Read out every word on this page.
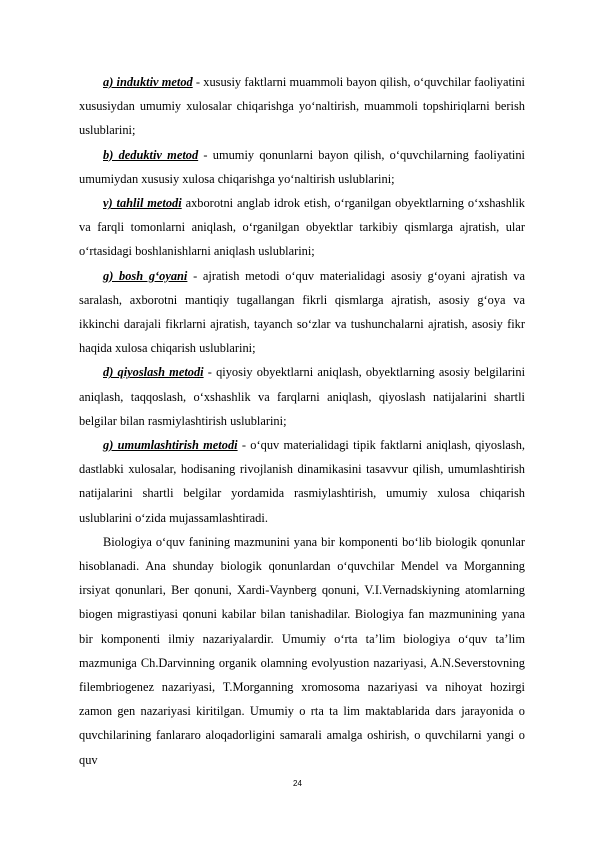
a) induktiv metod - xususiy faktlarni muammoli bayon qilish, o‘quvchilar faoliyatini xususiydan umumiy xulosalar chiqarishga yo‘naltirish, muammoli topshiriqlarni berish uslublarini;

b) deduktiv metod - umumiy qonunlarni bayon qilish, o‘quvchilarning faoliyatini umumiydan xususiy xulosa chiqarishga yo‘naltirish uslublarini;

v) tahlil metodi axborotni anglab idrok etish, o‘rganilgan obyektlarning o‘xshashlik va farqli tomonlarni aniqlash, o‘rganilgan obyektlar tarkibiy qismlarga ajratish, ular o‘rtasidagi boshlanishlarni aniqlash uslublarini;

g) bosh g‘oyani - ajratish metodi o‘quv materialidagi asosiy g‘oyani ajratish va saralash, axborotni mantiqiy tugallangan fikrli qismlarga ajratish, asosiy g‘oya va ikkinchi darajali fikrlarni ajratish, tayanch so‘zlar va tushunchalarni ajratish, asosiy fikr haqida xulosa chiqarish uslublarini;

d) qiyoslash metodi - qiyosiy obyektlarni aniqlash, obyektlarning asosiy belgilarini aniqlash, taqqoslash, o‘xshashlik va farqlarni aniqlash, qiyoslash natijalarini shartli belgilar bilan rasmiylashtirish uslublarini;

g) umumlashtirish metodi - o‘quv materialidagi tipik faktlarni aniqlash, qiyoslash, dastlabki xulosalar, hodisaning rivojlanish dinamikasini tasavvur qilish, umumlashtirish natijalarini shartli belgilar yordamida rasmiylashtirish, umumiy xulosa chiqarish uslublarini o‘zida mujassamlashtiradi.

Biologiya o‘quv fanining mazmunini yana bir komponenti bo‘lib biologik qonunlar hisoblanadi. Ana shunday biologik qonunlardan o‘quvchilar Mendel va Morganning irsiyat qonunlari, Ber qonuni, Xardi-Vaynberg qonuni, V.I.Vernadskiyning atomlarning biogen migrastiyasi qonuni kabilar bilan tanishadilar. Biologiya fan mazmunining yana bir komponenti ilmiy nazariyalardir. Umumiy o‘rta ta’lim biologiya o‘quv ta’lim mazmuniga Ch.Darvinning organik olamning evolyustion nazariyasi, A.N.Severstovning filembriogenez nazariyasi, T.Morganning xromosoma nazariyasi va nihoyat hozirgi zamon gen nazariyasi kiritilgan. Umumiy o rta ta lim maktablarida dars jarayonida o quvchilarining fanlararo aloqadorligini samarali amalga oshirish, o quvchilarni yangi o quv

24
